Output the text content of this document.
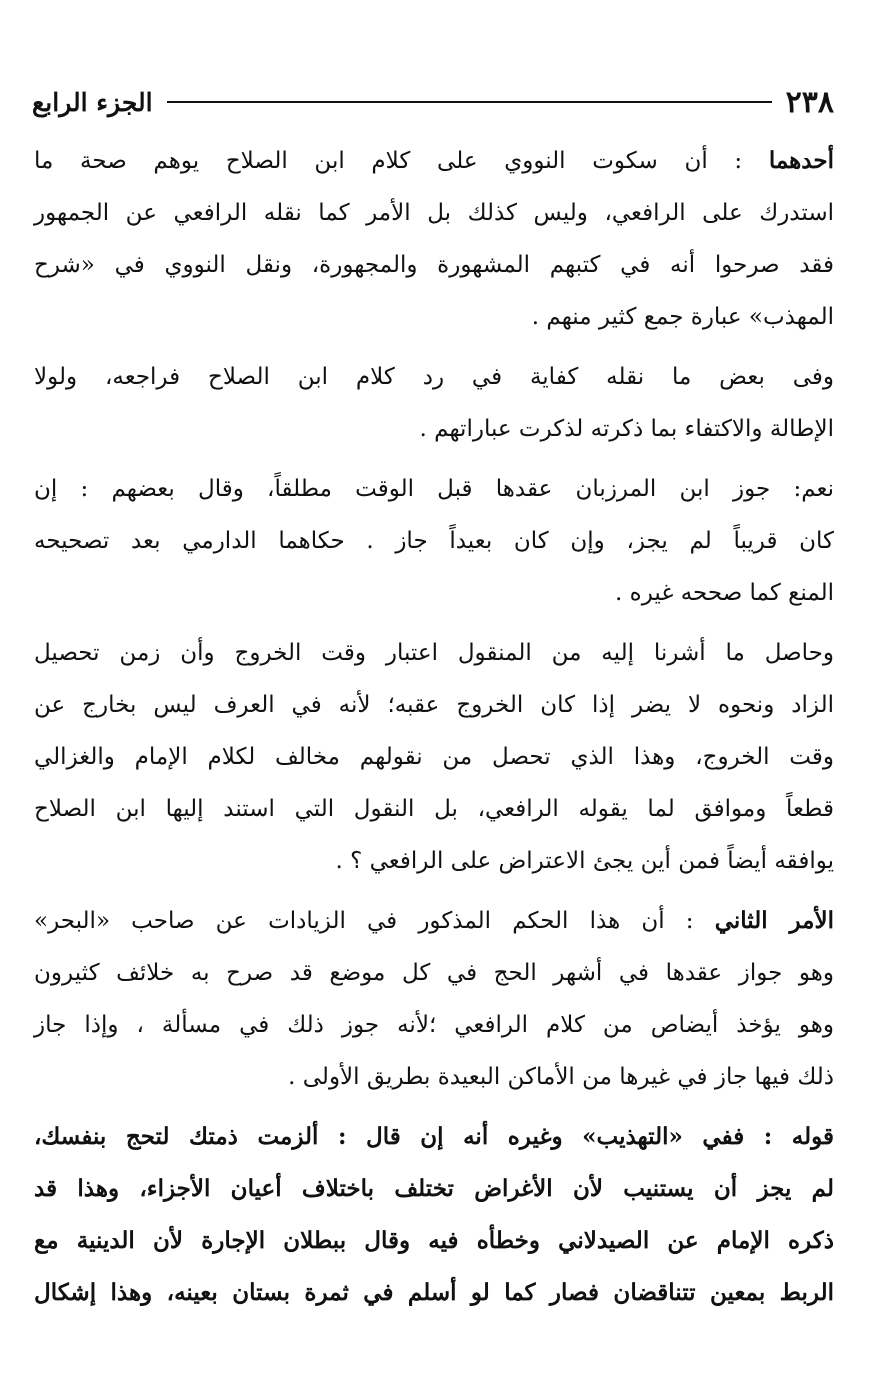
٢٣٨
الجزء الرابع

أحدهما : أن سكوت النووي على كلام ابن الصلاح يوهم صحة ما
استدرك على الرافعي، وليس كذلك بل الأمر كما نقله الرافعي عن الجمهور
فقد صرحوا أنه في كتبهم المشهورة والمجهورة، ونقل النووي في «شرح
المهذب» عبارة جمع كثير منهم .

وفى بعض ما نقله كفاية في رد كلام ابن الصلاح فراجعه، ولولا
الإطالة والاكتفاء بما ذكرته لذكرت عباراتهم .

نعم: جوز ابن المرزبان عقدها قبل الوقت مطلقاً، وقال بعضهم : إن
كان قريباً لم يجز، وإن كان بعيداً جاز . حكاهما الدارمي بعد تصحيحه
المنع كما صححه غيره .

وحاصل ما أشرنا إليه من المنقول اعتبار وقت الخروج وأن زمن تحصيل
الزاد ونحوه لا يضر إذا كان الخروج عقبه؛ لأنه في العرف ليس بخارج عن
وقت الخروج، وهذا الذي تحصل من نقولهم مخالف لكلام الإمام والغزالي
قطعاً وموافق لما يقوله الرافعي، بل النقول التي استند إليها ابن الصلاح
يوافقه أيضاً فمن أين يجئ الاعتراض على الرافعي ؟ .

الأمر الثاني : أن هذا الحكم المذكور في الزيادات عن صاحب «البحر»
وهو جواز عقدها في أشهر الحج في كل موضع قد صرح به خلائف كثيرون
وهو يؤخذ أيضاص من كلام الرافعي ؛لأنه جوز ذلك في مسألة ، وإذا جاز
ذلك فيها جاز في غيرها من الأماكن البعيدة بطريق الأولى .

قوله : ففي «التهذيب» وغيره أنه إن قال : ألزمت ذمتك لتحج بنفسك،
لم يجز أن يستنيب لأن الأغراض تختلف باختلاف أعيان الأجزاء، وهذا قد
ذكره الإمام عن الصيدلاني وخطأه فيه وقال ببطلان الإجارة لأن الدينية مع
الربط بمعين تتناقضان فصار كما لو أسلم في ثمرة بستان بعينه، وهذا إشكال
